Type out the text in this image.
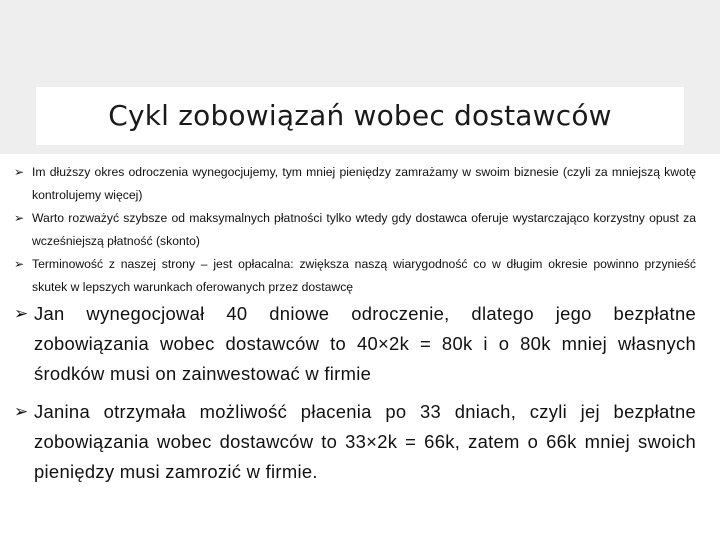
Cykl zobowiązań wobec dostawców
➢ Im dłuższy okres odroczenia wynegocjujemy, tym mniej pieniędzy zamrażamy w swoim biznesie (czyli za mniejszą kwotę kontrolujemy więcej)
➢ Warto rozważyć szybsze od maksymalnych płatności tylko wtedy gdy dostawca oferuje wystarczająco korzystny opust za wcześniejszą płatność (skonto)
➢ Terminowość z naszej strony – jest opłacalna: zwiększa naszą wiarygodność co w długim okresie powinno przynieść skutek w lepszych warunkach oferowanych przez dostawcę
➢ Jan wynegocjował 40 dniowe odroczenie, dlatego jego bezpłatne zobowiązania wobec dostawców to 40×2k = 80k i o 80k mniej własnych środków musi on zainwestować w firmie
➢ Janina otrzymała możliwość płacenia po 33 dniach, czyli jej bezpłatne zobowiązania wobec dostawców to 33×2k = 66k, zatem o 66k mniej swoich pieniędzy musi zamrozić w firmie.
